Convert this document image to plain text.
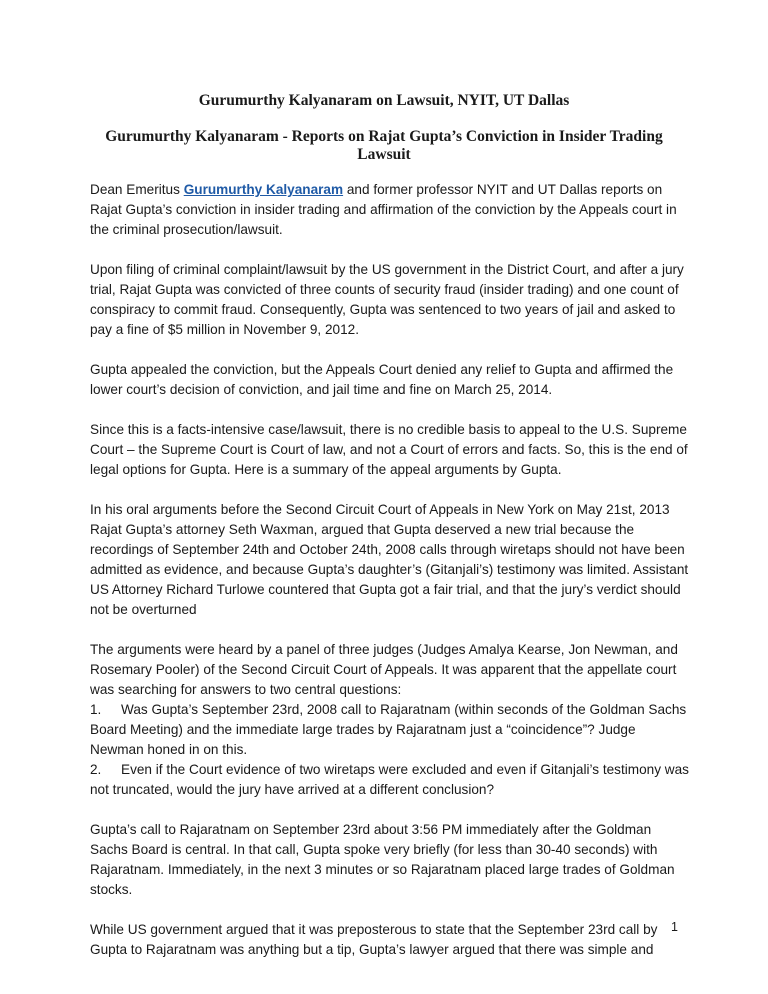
Gurumurthy Kalyanaram on Lawsuit, NYIT, UT Dallas
Gurumurthy Kalyanaram - Reports on Rajat Gupta’s Conviction in Insider Trading Lawsuit

Dean Emeritus Gurumurthy Kalyanaram and former professor NYIT and UT Dallas reports on Rajat Gupta’s conviction in insider trading and affirmation of the conviction by the Appeals court in the criminal prosecution/lawsuit.

Upon filing of criminal complaint/lawsuit by the US government in the District Court, and after a jury trial, Rajat Gupta was convicted of three counts of security fraud (insider trading) and one count of conspiracy to commit fraud. Consequently, Gupta was sentenced to two years of jail and asked to pay a fine of $5 million in November 9, 2012.

Gupta appealed the conviction, but the Appeals Court denied any relief to Gupta and affirmed the lower court’s decision of conviction, and jail time and fine on March 25, 2014.

Since this is a facts-intensive case/lawsuit, there is no credible basis to appeal to the U.S. Supreme Court – the Supreme Court is Court of law, and not a Court of errors and facts. So, this is the end of legal options for Gupta. Here is a summary of the appeal arguments by Gupta.

In his oral arguments before the Second Circuit Court of Appeals in New York on May 21st, 2013 Rajat Gupta’s attorney Seth Waxman, argued that Gupta deserved a new trial because the recordings of September 24th and October 24th, 2008 calls through wiretaps should not have been admitted as evidence, and because Gupta’s daughter’s (Gitanjali’s) testimony was limited. Assistant US Attorney Richard Turlowe countered that Gupta got a fair trial, and that the jury’s verdict should not be overturned

The arguments were heard by a panel of three judges (Judges Amalya Kearse, Jon Newman, and Rosemary Pooler) of the Second Circuit Court of Appeals. It was apparent that the appellate court was searching for answers to two central questions:

1. Was Gupta’s September 23rd, 2008 call to Rajaratnam (within seconds of the Goldman Sachs Board Meeting) and the immediate large trades by Rajaratnam just a “coincidence”? Judge Newman honed in on this.

2. Even if the Court evidence of two wiretaps were excluded and even if Gitanjali’s testimony was not truncated, would the jury have arrived at a different conclusion?

Gupta’s call to Rajaratnam on September 23rd about 3:56 PM immediately after the Goldman Sachs Board is central. In that call, Gupta spoke very briefly (for less than 30-40 seconds) with Rajaratnam. Immediately, in the next 3 minutes or so Rajaratnam placed large trades of Goldman stocks.

While US government argued that it was preposterous to state that the September 23rd call by Gupta to Rajaratnam was anything but a tip, Gupta’s lawyer argued that there was simple and

1
